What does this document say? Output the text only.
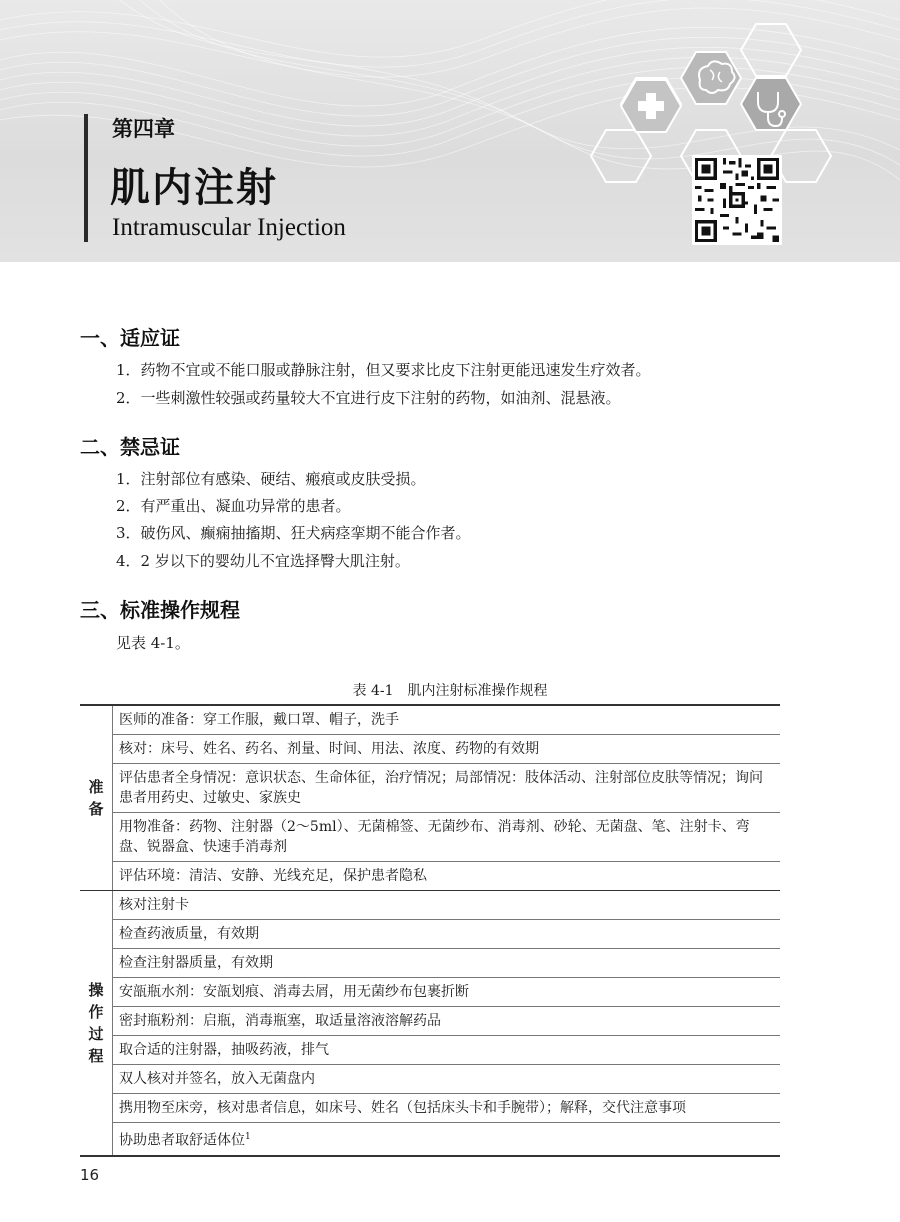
第四章
肌内注射
Intramuscular Injection
一、适应证
1．药物不宜或不能口服或静脉注射，但又要求比皮下注射更能迅速发生疗效者。
2．一些刺激性较强或药量较大不宜进行皮下注射的药物，如油剂、混悬液。
二、禁忌证
1．注射部位有感染、硬结、瘢痕或皮肤受损。
2．有严重出、凝血功异常的患者。
3．破伤风、癫痫抽搐期、狂犬病痉挛期不能合作者。
4．2 岁以下的婴幼儿不宜选择臀大肌注射。
三、标准操作规程
见表 4-1。
表 4-1　肌内注射标准操作规程
准备	医师的准备：穿工作服，戴口罩、帽子，洗手
	核对：床号、姓名、药名、剂量、时间、用法、浓度、药物的有效期
	评估患者全身情况：意识状态、生命体征，治疗情况；局部情况：肢体活动、注射部位皮肤等情况；询问患者用药史、过敏史、家族史
	用物准备：药物、注射器（2～5ml）、无菌棉签、无菌纱布、消毒剂、砂轮、无菌盘、笔、注射卡、弯盘、锐器盒、快速手消毒剂
	评估环境：清洁、安静、光线充足，保护患者隐私
操作过程	核对注射卡
	检查药液质量，有效期
	检查注射器质量，有效期
	安瓿瓶水剂：安瓿划痕、消毒去屑，用无菌纱布包裹折断
	密封瓶粉剂：启瓶，消毒瓶塞，取适量溶液溶解药品
	取合适的注射器，抽吸药液，排气
	双人核对并签名，放入无菌盘内
	携用物至床旁，核对患者信息，如床号、姓名（包括床头卡和手腕带）；解释，交代注意事项
	协助患者取舒适体位$^1$
16
